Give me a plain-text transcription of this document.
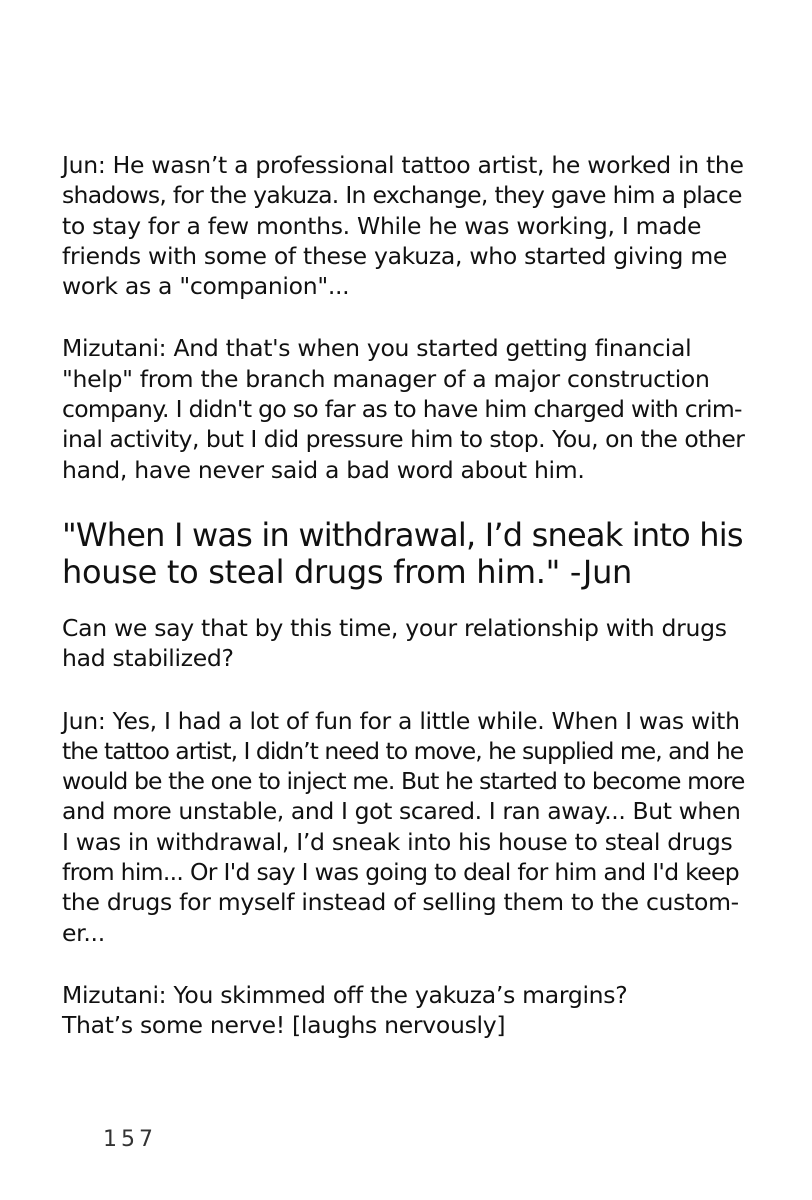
Jun: He wasn’t a professional tattoo artist, he worked in the
shadows, for the yakuza. In exchange, they gave him a place
to stay for a few months. While he was working, I made
friends with some of these yakuza, who started giving me
work as a "companion"...

Mizutani: And that's when you started getting financial
"help" from the branch manager of a major construction
company. I didn't go so far as to have him charged with crim-
inal activity, but I did pressure him to stop. You, on the other
hand, have never said a bad word about him.

"When I was in withdrawal, I’d sneak into his
house to steal drugs from him." -Jun

Can we say that by this time, your relationship with drugs
had stabilized?

Jun: Yes, I had a lot of fun for a little while. When I was with
the tattoo artist, I didn’t need to move, he supplied me, and he
would be the one to inject me. But he started to become more
and more unstable, and I got scared. I ran away... But when
I was in withdrawal, I’d sneak into his house to steal drugs
from him... Or I'd say I was going to deal for him and I'd keep
the drugs for myself instead of selling them to the custom-
er...

Mizutani: You skimmed off the yakuza’s margins?
That’s some nerve! [laughs nervously]

157
